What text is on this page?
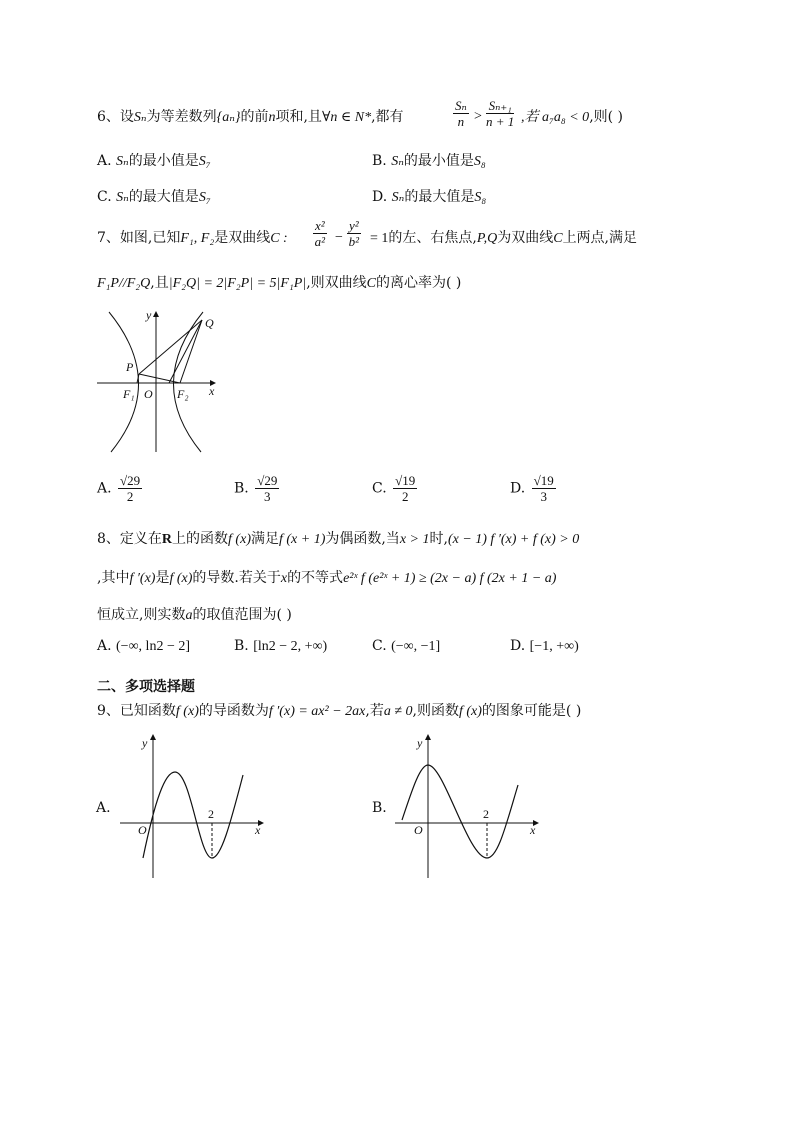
6、设Sₙ为等差数列{aₙ}的前n项和,且∀n ∈ N*,都有	$\frac{\text{Sₙ}}{n} > \frac{\text{Sₙ₊₁}}{n + 1}$ ,若 a₇a₈ < 0,则( )
A. Sₙ的最小值是S₇	B. Sₙ的最小值是S₈
C. Sₙ的最大值是S₇	D. Sₙ的最大值是S₈
7、如图,已知F₁, F₂是双曲线C : $\frac{\text{x²}}{\text{a²}} - \frac{\text{y²}}{\text{b²}} = 1$的左、右焦点,P,Q为双曲线C上两点,满足
F₁P//F₂Q,且|F₂Q| = 2|F₂P| = 5|F₁P|,则双曲线C的离心率为( )
y
x
Q
P
O
F₁	F₂
A. $\frac{√29}{2}$	B. $\frac{√29}{3}$	C. $\frac{√19}{2}$	D. $\frac{√19}{3}$
8、定义在R上的函数f (x)满足f (x + 1)为偶函数,当x > 1时,(x − 1) f ′(x) + f (x) > 0
,其中f ′(x)是f (x)的导数.若关于x的不等式e²ˣ f (e²ˣ + 1) ≥ (2x − a) f (2x + 1 − a)
恒成立,则实数a的取值范围为( )
A. (−∞, ln2 − 2]	B. [ln2 − 2, +∞)	C. (−∞, −1]	D. [−1, +∞)
二、多项选择题
9、已知函数f (x)的导函数为f ′(x) = ax² − 2ax,若a ≠ 0,则函数f (x)的图象可能是( )
A.
y
x
O
2	B.
y
x
O
2
